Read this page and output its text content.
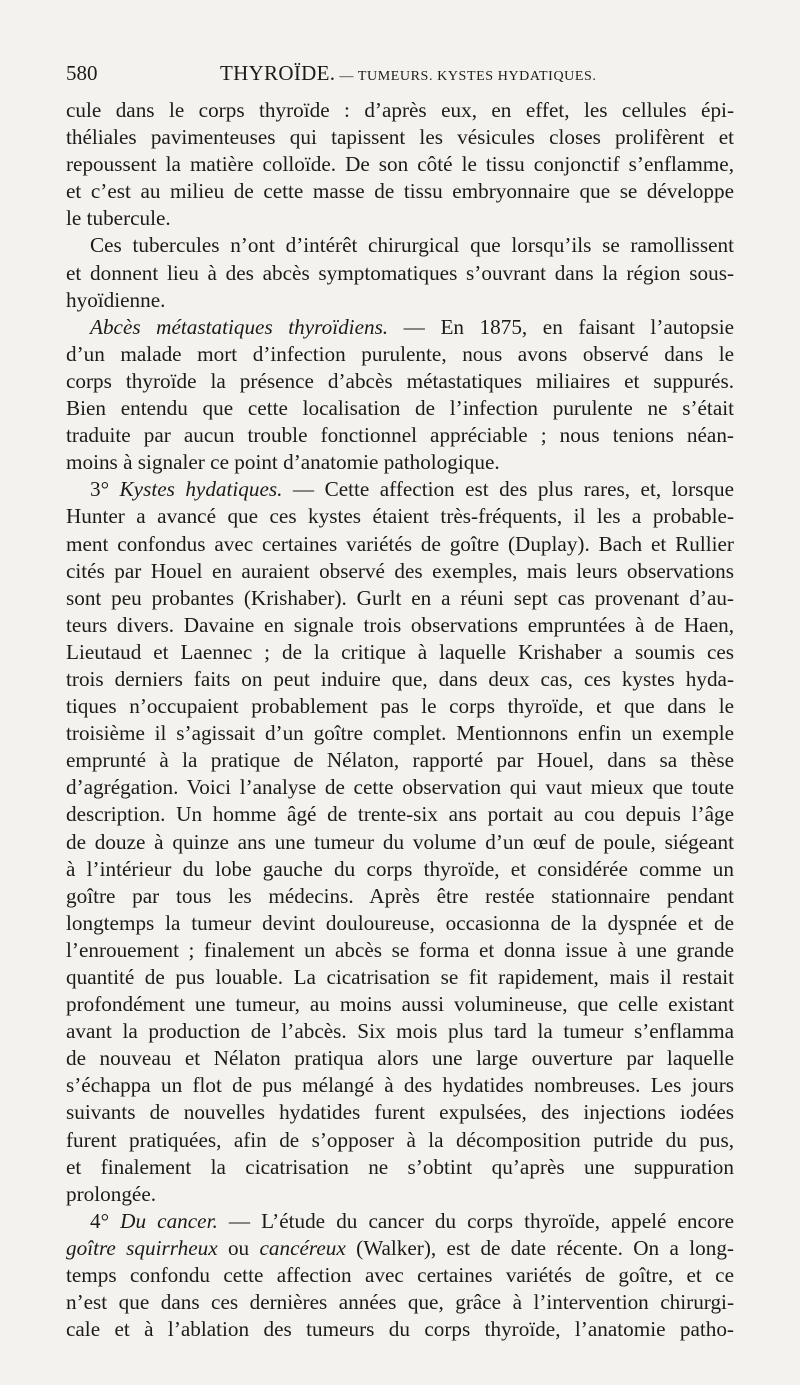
580	THYROÏDE. — TUMEURS. KYSTES HYDATIQUES.
cule dans le corps thyroïde : d’après eux, en effet, les cellules épi-
théliales pavimenteuses qui tapissent les vésicules closes prolifèrent et
repoussent la matière colloïde. De son côté le tissu conjonctif s’enflamme,
et c’est au milieu de cette masse de tissu embryonnaire que se développe
le tubercule.
Ces tubercules n’ont d’intérêt chirurgical que lorsqu’ils se ramollissent
et donnent lieu à des abcès symptomatiques s’ouvrant dans la région sous-
hyoïdienne.
Abcès métastatiques thyroïdiens. — En 1875, en faisant l’autopsie
d’un malade mort d’infection purulente, nous avons observé dans le
corps thyroïde la présence d’abcès métastatiques miliaires et suppurés.
Bien entendu que cette localisation de l’infection purulente ne s’était
traduite par aucun trouble fonctionnel appréciable ; nous tenions néan-
moins à signaler ce point d’anatomie pathologique.
3° Kystes hydatiques. — Cette affection est des plus rares, et, lorsque
Hunter a avancé que ces kystes étaient très-fréquents, il les a probable-
ment confondus avec certaines variétés de goître (Duplay). Bach et Rullier
cités par Houel en auraient observé des exemples, mais leurs observations
sont peu probantes (Krishaber). Gurlt en a réuni sept cas provenant d’au-
teurs divers. Davaine en signale trois observations empruntées à de Haen,
Lieutaud et Laennec ; de la critique à laquelle Krishaber a soumis ces
trois derniers faits on peut induire que, dans deux cas, ces kystes hyda-
tiques n’occupaient probablement pas le corps thyroïde, et que dans le
troisième il s’agissait d’un goître complet. Mentionnons enfin un exemple
emprunté à la pratique de Nélaton, rapporté par Houel, dans sa thèse
d’agrégation. Voici l’analyse de cette observation qui vaut mieux que toute
description. Un homme âgé de trente-six ans portait au cou depuis l’âge
de douze à quinze ans une tumeur du volume d’un œuf de poule, siégeant
à l’intérieur du lobe gauche du corps thyroïde, et considérée comme un
goître par tous les médecins. Après être restée stationnaire pendant
longtemps la tumeur devint douloureuse, occasionna de la dyspnée et de
l’enrouement ; finalement un abcès se forma et donna issue à une grande
quantité de pus louable. La cicatrisation se fit rapidement, mais il restait
profondément une tumeur, au moins aussi volumineuse, que celle existant
avant la production de l’abcès. Six mois plus tard la tumeur s’enflamma
de nouveau et Nélaton pratiqua alors une large ouverture par laquelle
s’échappa un flot de pus mélangé à des hydatides nombreuses. Les jours
suivants de nouvelles hydatides furent expulsées, des injections iodées
furent pratiquées, afin de s’opposer à la décomposition putride du pus,
et finalement la cicatrisation ne s’obtint qu’après une suppuration
prolongée.
4° Du cancer. — L’étude du cancer du corps thyroïde, appelé encore
goître squirrheux ou cancéreux (Walker), est de date récente. On a long-
temps confondu cette affection avec certaines variétés de goître, et ce
n’est que dans ces dernières années que, grâce à l’intervention chirurgi-
cale et à l’ablation des tumeurs du corps thyroïde, l’anatomie patho-
